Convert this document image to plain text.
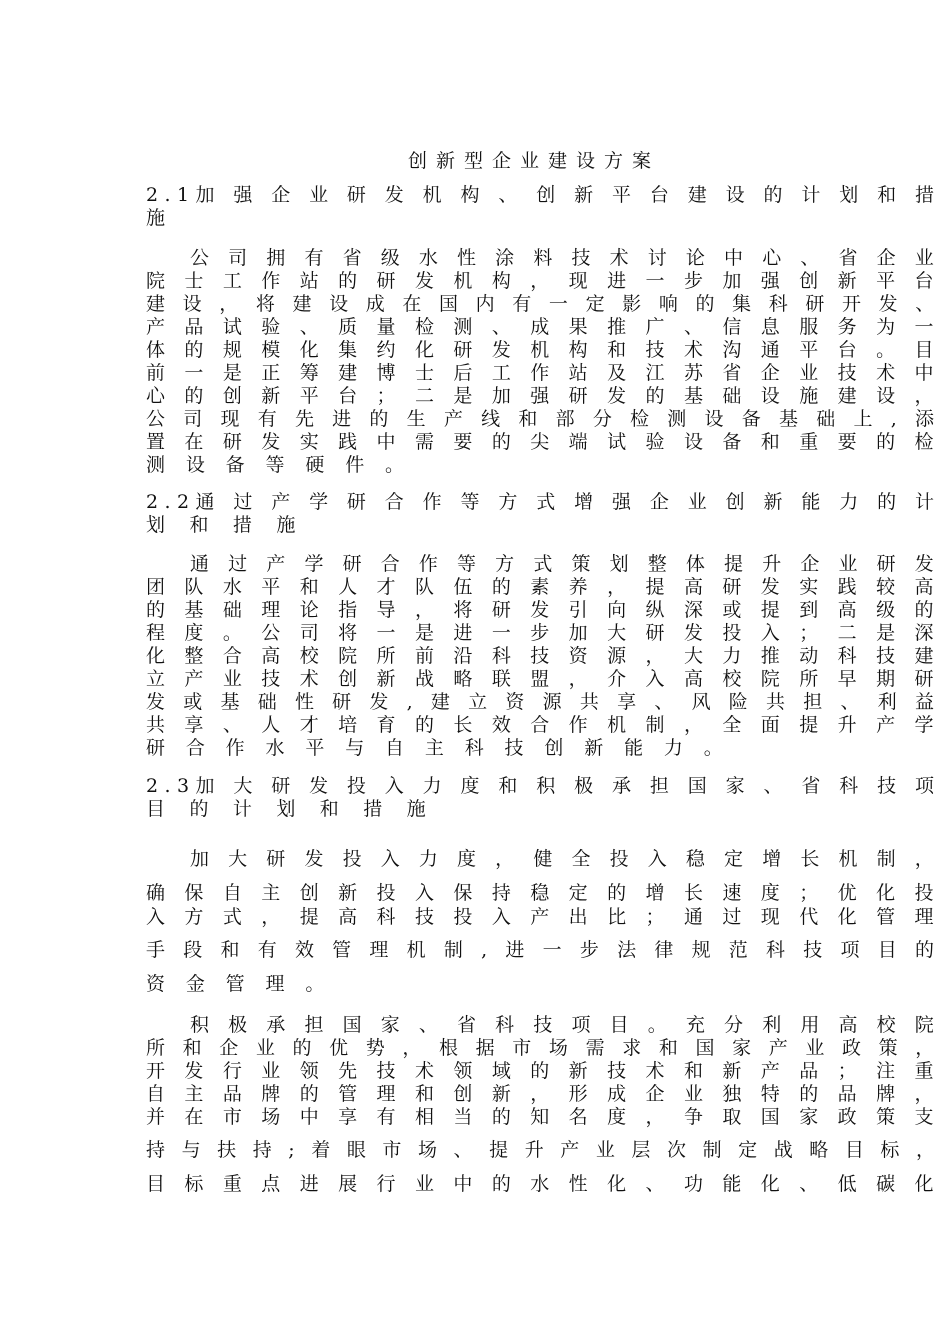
创新型企业建设方案
2.1加 强 企 业 研 发 机 构 、 创 新 平 台 建 设 的 计 划 和 措
施
公 司 拥 有 省 级 水 性 涂 料 技 术 讨 论 中 心 、 省 企 业
院 士 工 作 站 的 研 发 机 构 ， 现 进 一 步 加 强 创 新 平 台
建 设 ， 将 建 设 成 在 国 内 有 一 定 影 响 的 集 科 研 开 发 、
产 品 试 验 、 质 量 检 测 、 成 果 推 广 、 信 息 服 务 为 一
体 的 规 模 化 集 约 化 研 发 机 构 和 技 术 沟 通 平 台 。 目
前 一 是 正 筹 建 博 士 后 工 作 站 及 江 苏 省 企 业 技 术 中
心 的 创 新 平 台 ； 二 是 加 强 研 发 的 基 础 设 施 建 设 ，
公 司 现 有 先 进 的 生 产 线 和 部 分 检 测 设 备 基 础 上 , 添
置 在 研 发 实 践 中 需 要 的 尖 端 试 验 设 备 和 重 要 的 检
测 设 备 等 硬 件 。
2.2通 过 产 学 研 合 作 等 方 式 增 强 企 业 创 新 能 力 的 计
划 和 措 施
通 过 产 学 研 合 作 等 方 式 策 划 整 体 提 升 企 业 研 发
团 队 水 平 和 人 才 队 伍 的 素 养 ， 提 高 研 发 实 践 较 高
的 基 础 理 论 指 导 ， 将 研 发 引 向 纵 深 或 提 到 高 级 的
程 度 。 公 司 将 一 是 进 一 步 加 大 研 发 投 入 ； 二 是 深
化 整 合 高 校 院 所 前 沿 科 技 资 源 ， 大 力 推 动 科 技 建
立 产 业 技 术 创 新 战 略 联 盟 ， 介 入 高 校 院 所 早 期 研
发 或 基 础 性 研 发 , 建 立 资 源 共 享 、 风 险 共 担 、 利 益
共 享 、 人 才 培 育 的 长 效 合 作 机 制 ， 全 面 提 升 产 学
研 合 作 水 平 与 自 主 科 技 创 新 能 力 。
2.3加 大 研 发 投 入 力 度 和 积 极 承 担 国 家 、 省 科 技 项
目 的 计 划 和 措 施
加 大 研 发 投 入 力 度 ， 健 全 投 入 稳 定 增 长 机 制 ，
确 保 自 主 创 新 投 入 保 持 稳 定 的 增 长 速 度 ； 优 化 投
入 方 式 ， 提 高 科 技 投 入 产 出 比 ； 通 过 现 代 化 管 理
手 段 和 有 效 管 理 机 制 , 进 一 步 法 律 规 范 科 技 项 目 的
资 金 管 理 。
积 极 承 担 国 家 、 省 科 技 项 目 。 充 分 利 用 高 校 院
所 和 企 业 的 优 势 ， 根 据 市 场 需 求 和 国 家 产 业 政 策 ，
开 发 行 业 领 先 技 术 领 域 的 新 技 术 和 新 产 品 ； 注 重
自 主 品 牌 的 管 理 和 创 新 ， 形 成 企 业 独 特 的 品 牌 ，
并 在 市 场 中 享 有 相 当 的 知 名 度 ， 争 取 国 家 政 策 支
持 与 扶 持 ; 着 眼 市 场 、 提 升 产 业 层 次 制 定 战 略 目 标 ，
目 标 重 点 进 展 行 业 中 的 水 性 化 、 功 能 化 、 低 碳 化
